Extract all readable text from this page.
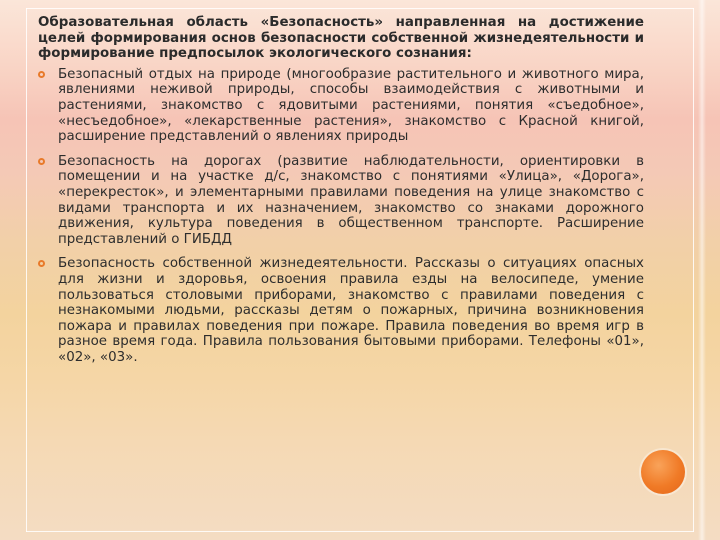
Образовательная область «Безопасность» направленная на достижение целей формирования основ безопасности собственной жизнедеятельности и формирование предпосылок экологического сознания:

Безопасный отдых на природе (многообразие растительного и животного мира, явлениями неживой природы, способы взаимодействия с животными и растениями, знакомство с ядовитыми растениями, понятия «съедобное», «несъедобное», «лекарственные растения», знакомство с Красной книгой, расширение представлений о явлениях природы
Безопасность на дорогах (развитие наблюдательности, ориентировки в помещении и на участке д/с, знакомство с понятиями «Улица», «Дорога», «перекресток», и элементарными правилами поведения на улице знакомство с видами транспорта и их назначением, знакомство со знаками дорожного движения, культура поведения в общественном транспорте. Расширение представлений о ГИБДД
Безопасность собственной жизнедеятельности. Рассказы о ситуациях опасных для жизни и здоровья, освоения правила езды на велосипеде, умение пользоваться столовыми приборами, знакомство с правилами поведения с незнакомыми людьми, рассказы детям о пожарных, причина возникновения пожара и правилах поведения при пожаре. Правила поведения во время игр в разное время года. Правила пользования бытовыми приборами. Телефоны «01», «02», «03».
